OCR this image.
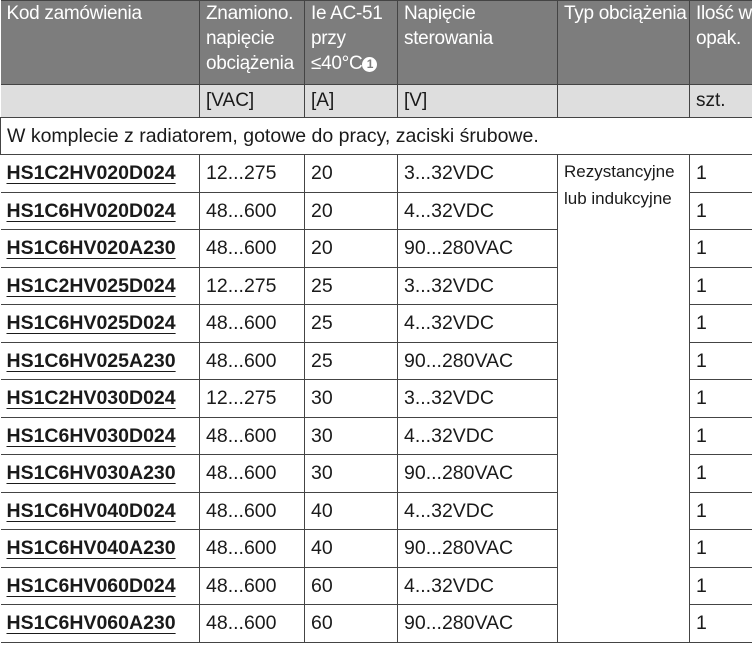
Kod zamówienia	Znamiono. napięcie obciążenia	Ie AC-51 przy ≤40°C 1	Napięcie sterowania	Typ obciążenia	Ilość w opak.
	[VAC]	[A]	[V]		szt.
W komplecie z radiatorem, gotowe do pracy, zaciski śrubowe.					
HS1C2HV020D024	12...275	20	3...32VDC	Rezystancyjne lub indukcyjne	1
HS1C6HV020D024	48...600	20	4...32VDC		1
HS1C6HV020A230	48...600	20	90...280VAC		1
HS1C2HV025D024	12...275	25	3...32VDC		1
HS1C6HV025D024	48...600	25	4...32VDC		1
HS1C6HV025A230	48...600	25	90...280VAC		1
HS1C2HV030D024	12...275	30	3...32VDC		1
HS1C6HV030D024	48...600	30	4...32VDC		1
HS1C6HV030A230	48...600	30	90...280VAC		1
HS1C6HV040D024	48...600	40	4...32VDC		1
HS1C6HV040A230	48...600	40	90...280VAC		1
HS1C6HV060D024	48...600	60	4...32VDC		1
HS1C6HV060A230	48...600	60	90...280VAC		1
